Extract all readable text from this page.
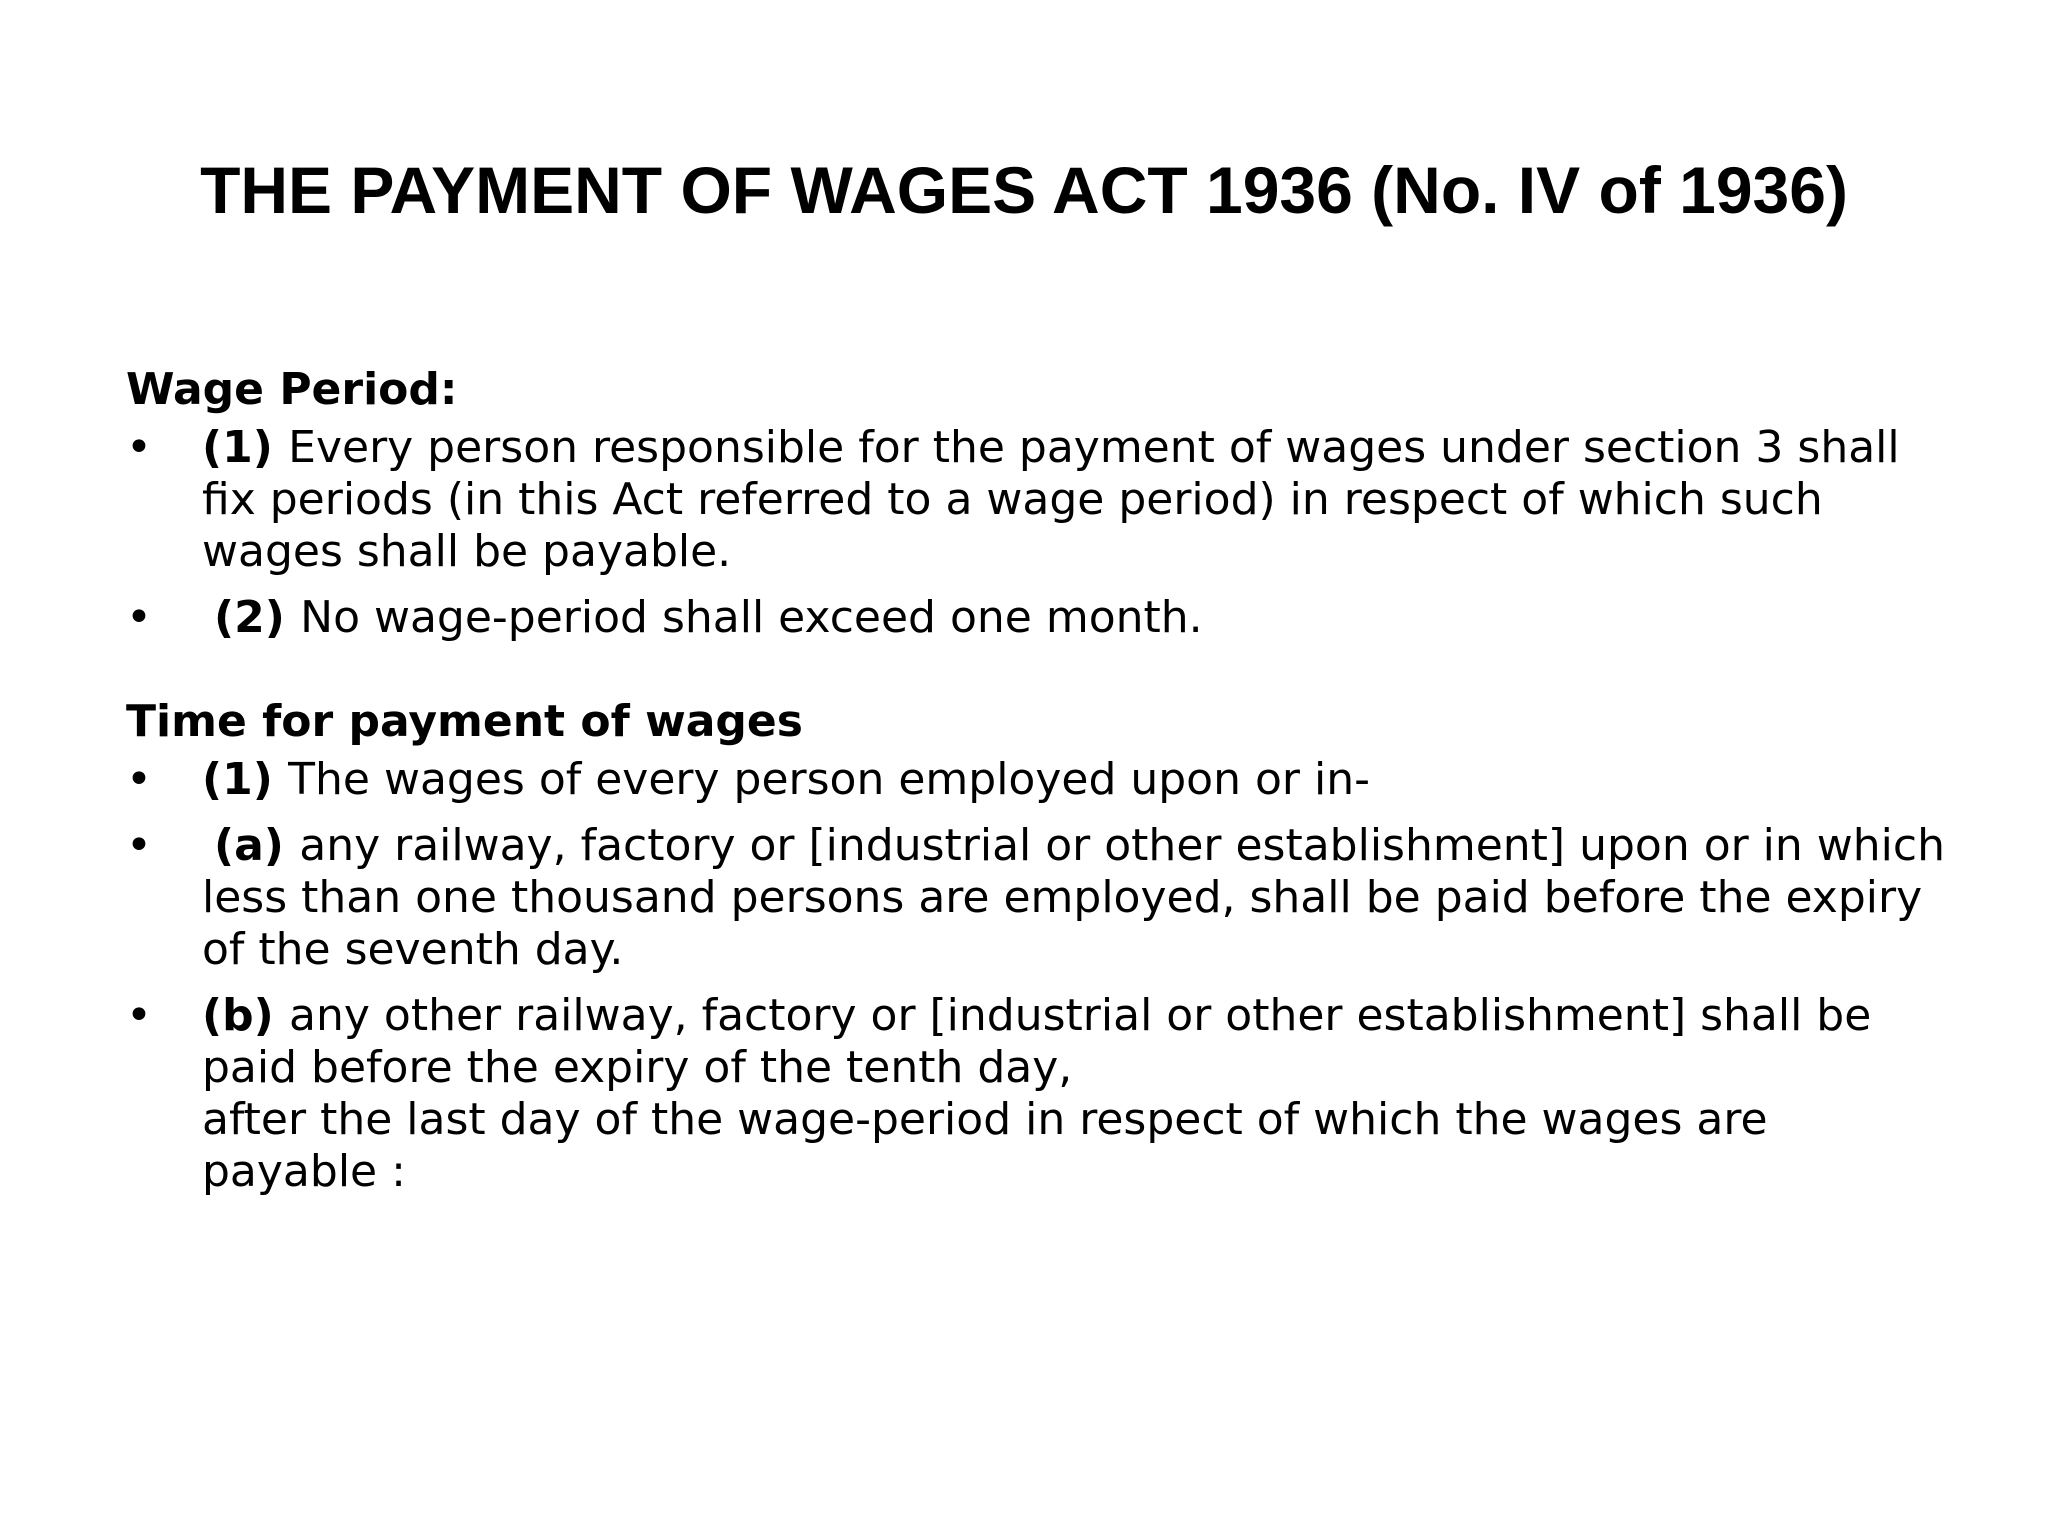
THE PAYMENT OF WAGES ACT 1936 (No. IV of 1936)
Wage Period:
•	(1) Every person responsible for the payment of wages under section 3 shall fix periods (in this Act referred to a wage period) in respect of which such wages shall be payable.
•	(2) No wage-period shall exceed one month.
Time for payment of wages
•	(1) The wages of every person employed upon or in-
•	(a) any railway, factory or [industrial or other establishment] upon or in which less than one thousand persons are employed, shall be paid before the expiry of the seventh day.
•	(b) any other railway, factory or [industrial or other establishment] shall be paid before the expiry of the tenth day,
after the last day of the wage-period in respect of which the wages are payable :
